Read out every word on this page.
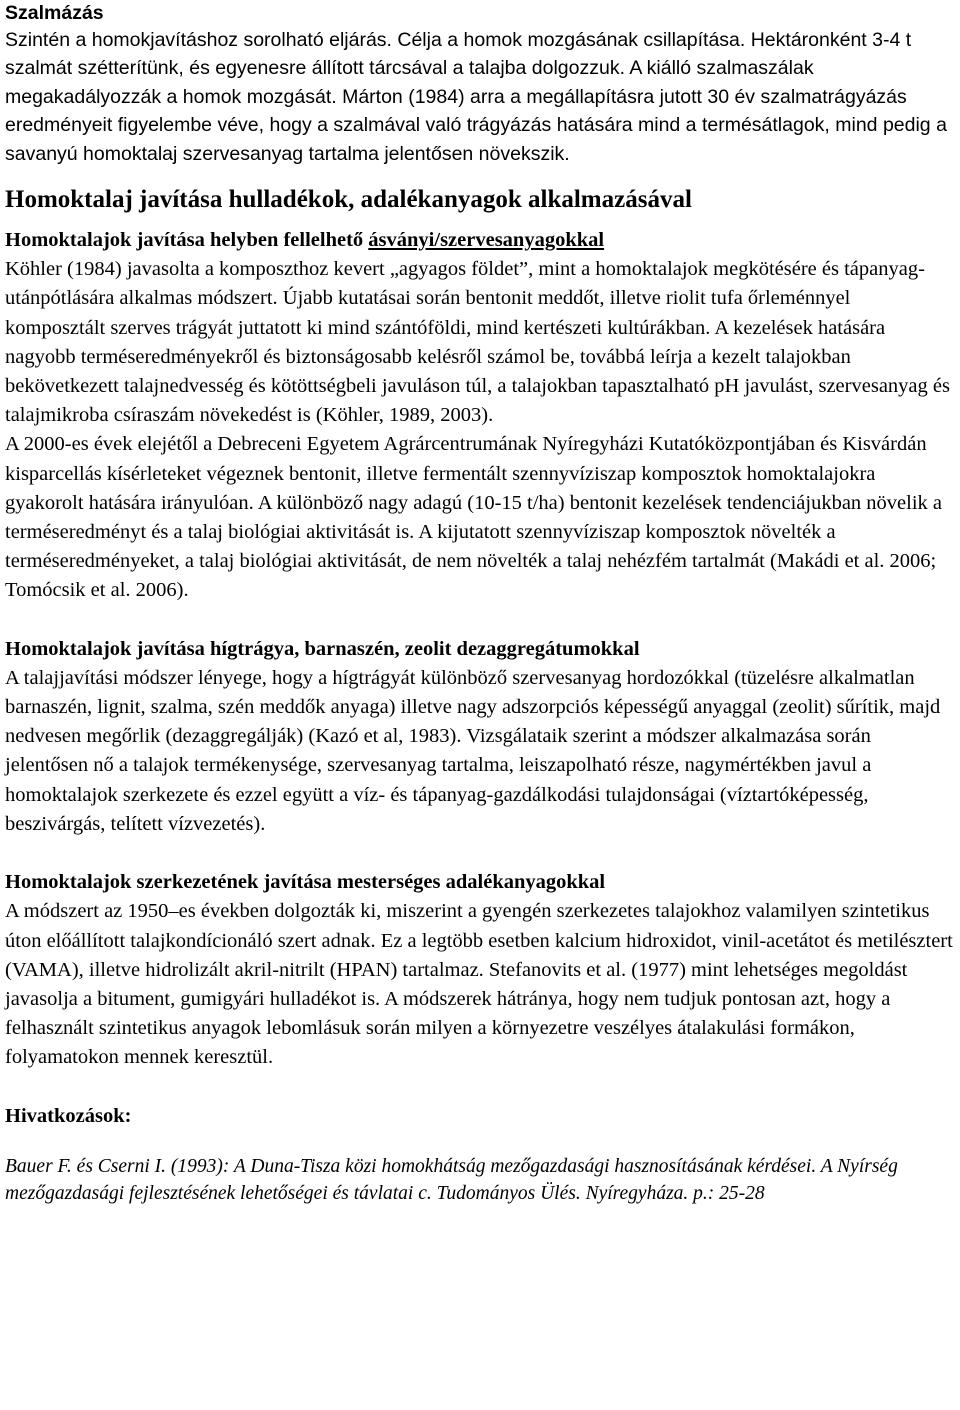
Szalmázás

Szintén a homokjavításhoz sorolható eljárás. Célja a homok mozgásának csillapítása. Hektáronként 3-4 t szalmát szétterítünk, és egyenesre állított tárcsával a talajba dolgozzuk. A kiálló szalmaszálak megakadályozzák a homok mozgását. Márton (1984) arra a megállapításra jutott 30 év szalmatrágyázás eredményeit figyelembe véve, hogy a szalmával való trágyázás hatására mind a termésátlagok, mind pedig a savanyú homoktalaj szervesanyag tartalma jelentősen növekszik.

Homoktalaj javítása hulladékok, adalékanyagok alkalmazásával
Homoktalajok javítása helyben fellelhető ásványi/szervesanyagokkal

Köhler (1984) javasolta a komposzthoz kevert „agyagos földet”, mint a homoktalajok megkötésére és tápanyag-utánpótlására alkalmas módszert. Újabb kutatásai során bentonit meddőt, illetve riolit tufa őrleménnyel komposztált szerves trágyát juttatott ki mind szántóföldi, mind kertészeti kultúrákban. A kezelések hatására nagyobb terméseredményekről és biztonságosabb kelésről számol be, továbbá leírja a kezelt talajokban bekövetkezett talajnedvesség és kötöttségbeli javuláson túl, a talajokban tapasztalható pH javulást, szervesanyag és talajmikroba csíraszám növekedést is (Köhler, 1989, 2003).

A 2000-es évek elejétől a Debreceni Egyetem Agrárcentrumának Nyíregyházi Kutatóközpontjában és Kisvárdán kisparcellás kísérleteket végeznek bentonit, illetve fermentált szennyvíziszap komposztok homoktalajokra gyakorolt hatására irányulóan. A különböző nagy adagú (10-15 t/ha) bentonit kezelések tendenciájukban növelik a terméseredményt és a talaj biológiai aktivitását is. A kijutatott szennyvíziszap komposztok növelték a terméseredményeket, a talaj biológiai aktivitását, de nem növelték a talaj nehézfém tartalmát (Makádi et al. 2006; Tomócsik et al. 2006).

Homoktalajok javítása hígtrágya, barnaszén, zeolit dezaggregátumokkal

A talajjavítási módszer lényege, hogy a hígtrágyát különböző szervesanyag hordozókkal (tüzelésre alkalmatlan barnaszén, lignit, szalma, szén meddők anyaga) illetve nagy adszorpciós képességű anyaggal (zeolit) sűrítik, majd nedvesen megőrlik (dezaggregálják) (Kazó et al, 1983). Vizsgálataik szerint a módszer alkalmazása során jelentősen nő a talajok termékenysége, szervesanyag tartalma, leiszapolható része, nagymértékben javul a homoktalajok szerkezete és ezzel együtt a víz- és tápanyag-gazdálkodási tulajdonságai (víztartóképesség, beszivárgás, telített vízvezetés).

Homoktalajok szerkezetének javítása mesterséges adalékanyagokkal

A módszert az 1950–es években dolgozták ki, miszerint a gyengén szerkezetes talajokhoz valamilyen szintetikus úton előállított talajkondícionáló szert adnak. Ez a legtöbb esetben kalcium hidroxidot, vinil-acetátot és metilésztert (VAMA), illetve hidrolizált akril-nitrilt (HPAN) tartalmaz. Stefanovits et al. (1977) mint lehetséges megoldást javasolja a bitument, gumigyári hulladékot is. A módszerek hátránya, hogy nem tudjuk pontosan azt, hogy a felhasznált szintetikus anyagok lebomlásuk során milyen a környezetre veszélyes átalakulási formákon, folyamatokon mennek keresztül.

Hivatkozások:

Bauer F. és Cserni I. (1993): A Duna-Tisza közi homokhátság mezőgazdasági hasznosításának kérdései. A Nyírség mezőgazdasági fejlesztésének lehetőségei és távlatai c. Tudományos Ülés. Nyíregyháza. p.: 25-28
